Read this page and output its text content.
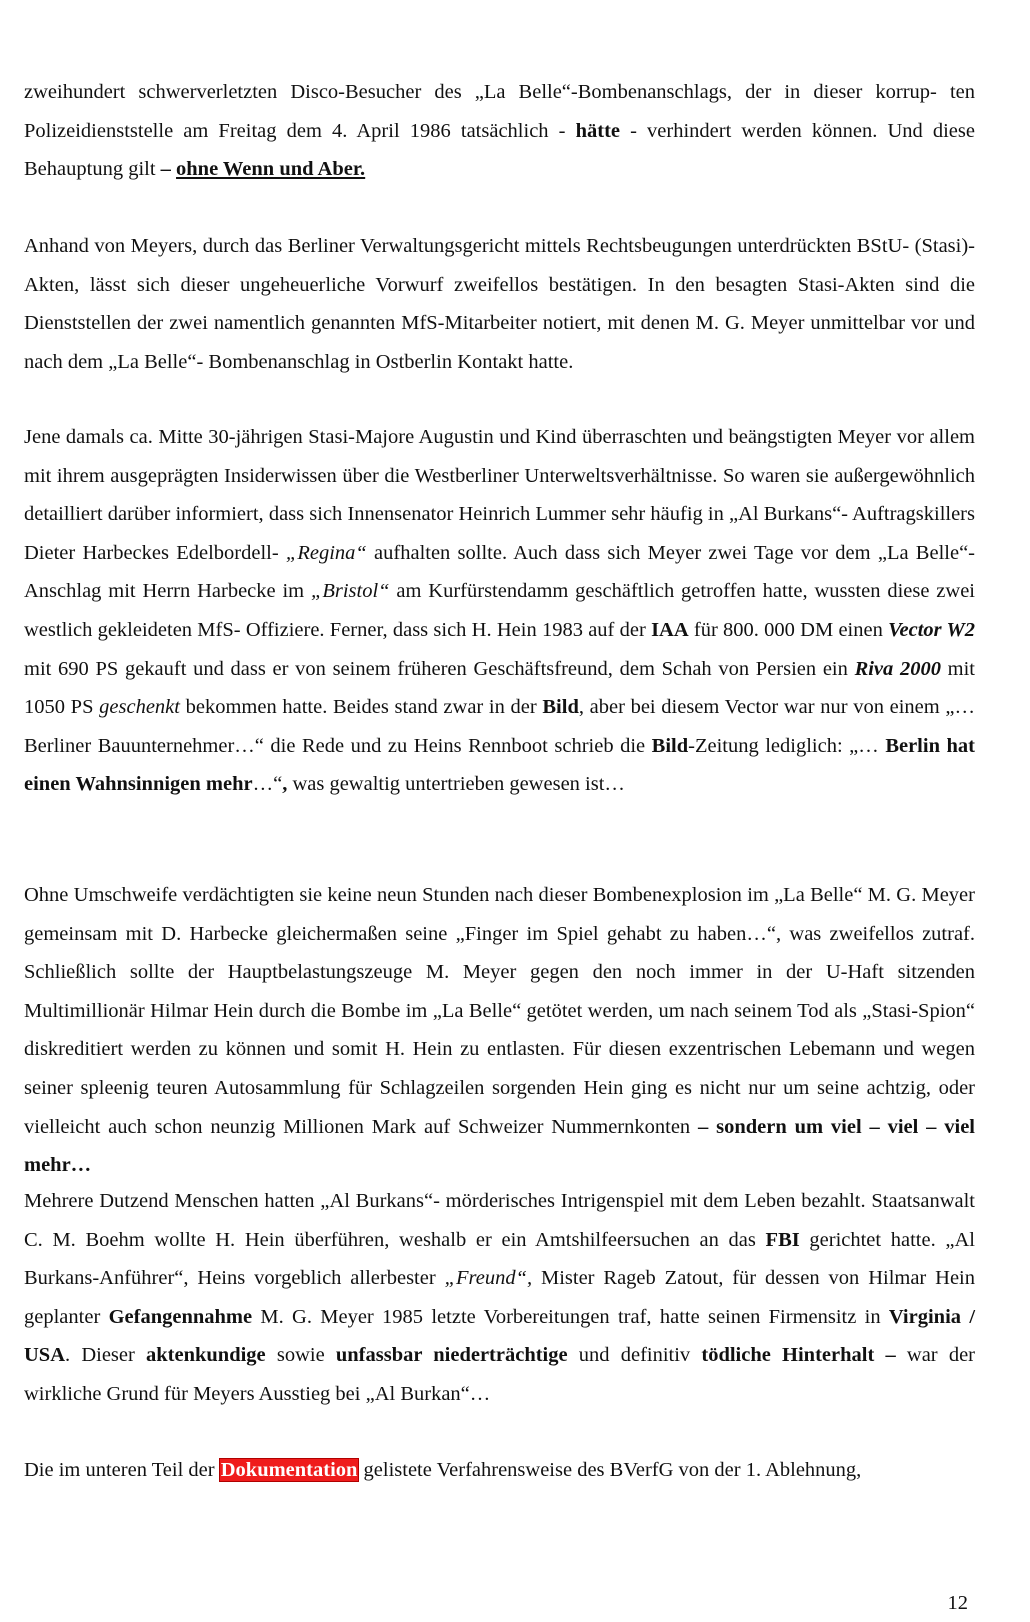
zweihundert schwerverletzten Disco-Besucher des „La Belle“-Bombenanschlags, der in dieser korrup- ten Polizeidienststelle am Freitag dem 4. April 1986 tatsächlich - hätte - verhindert werden können. Und diese Behauptung gilt – ohne Wenn und Aber.

Anhand von Meyers, durch das Berliner Verwaltungsgericht mittels Rechtsbeugungen unterdrückten BStU- (Stasi)- Akten, lässt sich dieser ungeheuerliche Vorwurf zweifellos bestätigen. In den besagten Stasi-Akten sind die Dienststellen der zwei namentlich genannten MfS-Mitarbeiter notiert, mit denen M. G. Meyer unmittelbar vor und nach dem „La Belle“- Bombenanschlag in Ostberlin Kontakt hatte.

Jene damals ca. Mitte 30-jährigen Stasi-Majore Augustin und Kind überraschten und beängstigten Meyer vor allem mit ihrem ausgeprägten Insiderwissen über die Westberliner Unterweltsverhältnisse. So waren sie außergewöhnlich detailliert darüber informiert, dass sich Innensenator Heinrich Lummer sehr häufig in „Al Burkans“- Auftragskillers Dieter Harbeckes Edelbordell- „Regina“ aufhalten sollte. Auch dass sich Meyer zwei Tage vor dem „La Belle“-Anschlag mit Herrn Harbecke im „Bristol“ am Kurfürstendamm geschäftlich getroffen hatte, wussten diese zwei westlich gekleideten MfS- Offiziere. Ferner, dass sich H. Hein 1983 auf der IAA für 800. 000 DM einen Vector W2 mit 690 PS gekauft und dass er von seinem früheren Geschäftsfreund, dem Schah von Persien ein Riva 2000 mit 1050 PS geschenkt bekommen hatte. Beides stand zwar in der Bild, aber bei diesem Vector war nur von einem „… Berliner Bauunternehmer…“ die Rede und zu Heins Rennboot schrieb die Bild-Zeitung lediglich: „… Berlin hat einen Wahnsinnigen mehr…“, was gewaltig untertrieben gewesen ist…

Ohne Umschweife verdächtigten sie keine neun Stunden nach dieser Bombenexplosion im „La Belle“ M. G. Meyer gemeinsam mit D. Harbecke gleichermaßen seine „Finger im Spiel gehabt zu haben…“, was zweifellos zutraf. Schließlich sollte der Hauptbelastungszeuge M. Meyer gegen den noch immer in der U-Haft sitzenden Multimillionär Hilmar Hein durch die Bombe im „La Belle“ getötet werden, um nach seinem Tod als „Stasi-Spion“ diskreditiert werden zu können und somit H. Hein zu entlasten. Für diesen exzentrischen Lebemann und wegen seiner spleenig teuren Autosammlung für Schlagzeilen sorgenden Hein ging es nicht nur um seine achtzig, oder vielleicht auch schon neunzig Millionen Mark auf Schweizer Nummernkonten – sondern um viel – viel – viel mehr…

Mehrere Dutzend Menschen hatten „Al Burkans“- mörderisches Intrigenspiel mit dem Leben bezahlt. Staatsanwalt C. M. Boehm wollte H. Hein überführen, weshalb er ein Amtshilfeersuchen an das FBI gerichtet hatte. „Al Burkans-Anführer“, Heins vorgeblich allerbester „Freund“, Mister Rageb Zatout, für dessen von Hilmar Hein geplanter Gefangennahme M. G. Meyer 1985 letzte Vorbereitungen traf, hatte seinen Firmensitz in Virginia / USA. Dieser aktenkundige sowie unfassbar niederträchtige und definitiv tödliche Hinterhalt – war der wirkliche Grund für Meyers Ausstieg bei „Al Burkan“…

Die im unteren Teil der Dokumentation gelistete Verfahrensweise des BVerfG von der 1. Ablehnung,

12
